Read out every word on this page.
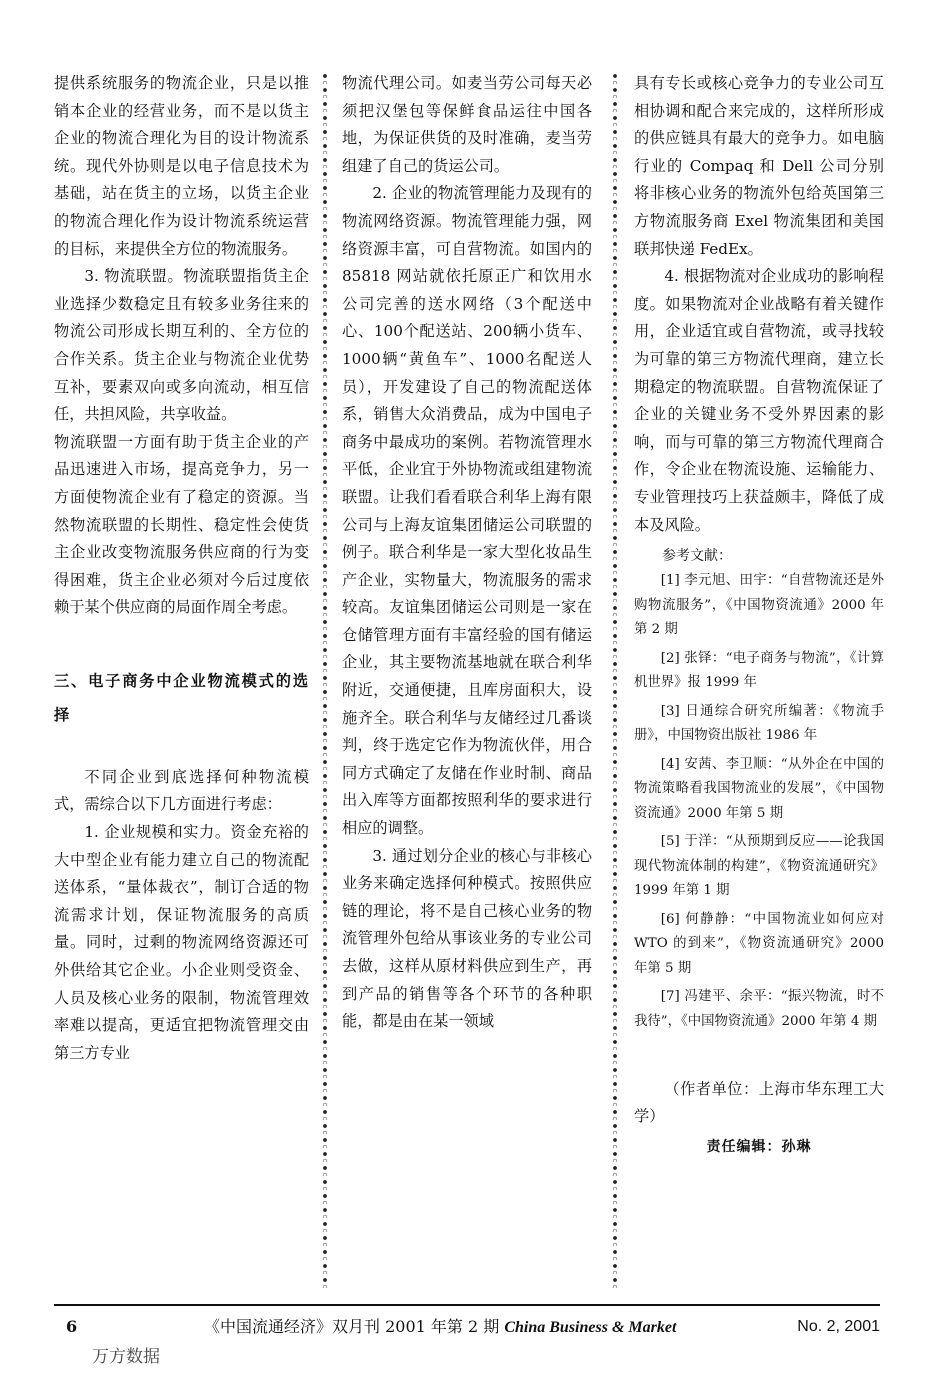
提供系统服务的物流企业，只是以推销本企业的经营业务，而不是以货主企业的物流合理化为目的设计物流系统。现代外协则是以电子信息技术为基础，站在货主的立场，以货主企业的物流合理化作为设计物流系统运营的目标，来提供全方位的物流服务。

3. 物流联盟。物流联盟指货主企业选择少数稳定且有较多业务往来的物流公司形成长期互利的、全方位的合作关系。货主企业与物流企业优势互补，要素双向或多向流动，相互信任，共担风险，共享收益。

物流联盟一方面有助于货主企业的产品迅速进入市场，提高竞争力，另一方面使物流企业有了稳定的资源。当然物流联盟的长期性、稳定性会使货主企业改变物流服务供应商的行为变得困难，货主企业必须对今后过度依赖于某个供应商的局面作周全考虑。

三、电子商务中企业物流模式的选择

不同企业到底选择何种物流模式，需综合以下几方面进行考虑：

1. 企业规模和实力。资金充裕的大中型企业有能力建立自己的物流配送体系，“量体裁衣”，制订合适的物流需求计划，保证物流服务的高质量。同时，过剩的物流网络资源还可外供给其它企业。小企业则受资金、人员及核心业务的限制，物流管理效率难以提高，更适宜把物流管理交由第三方专业

物流代理公司。如麦当劳公司每天必须把汉堡包等保鲜食品运往中国各地，为保证供货的及时准确，麦当劳组建了自己的货运公司。

2. 企业的物流管理能力及现有的物流网络资源。物流管理能力强，网络资源丰富，可自营物流。如国内的 85818 网站就依托原正广和饮用水公司完善的送水网络（3个配送中心、100个配送站、200辆小货车、1000辆“黄鱼车”、1000名配送人员），开发建设了自己的物流配送体系，销售大众消费品，成为中国电子商务中最成功的案例。若物流管理水平低，企业宜于外协物流或组建物流联盟。让我们看看联合利华上海有限公司与上海友谊集团储运公司联盟的例子。联合利华是一家大型化妆品生产企业，实物量大，物流服务的需求较高。友谊集团储运公司则是一家在仓储管理方面有丰富经验的国有储运企业，其主要物流基地就在联合利华附近，交通便捷，且库房面积大，设施齐全。联合利华与友储经过几番谈判，终于选定它作为物流伙伴，用合同方式确定了友储在作业时制、商品出入库等方面都按照利华的要求进行相应的调整。

3. 通过划分企业的核心与非核心业务来确定选择何种模式。按照供应链的理论，将不是自己核心业务的物流管理外包给从事该业务的专业公司去做，这样从原材料供应到生产，再到产品的销售等各个环节的各种职能，都是由在某一领域

具有专长或核心竞争力的专业公司互相协调和配合来完成的，这样所形成的供应链具有最大的竞争力。如电脑行业的 Compaq 和 Dell 公司分别将非核心业务的物流外包给英国第三方物流服务商 Exel 物流集团和美国联邦快递 FedEx。

4. 根据物流对企业成功的影响程度。如果物流对企业战略有着关键作用，企业适宜或自营物流，或寻找较为可靠的第三方物流代理商，建立长期稳定的物流联盟。自营物流保证了企业的关键业务不受外界因素的影响，而与可靠的第三方物流代理商合作，令企业在物流设施、运输能力、专业管理技巧上获益颇丰，降低了成本及风险。

参考文献：

[1] 李元旭、田宇：“自营物流还是外购物流服务”，《中国物资流通》2000 年第 2 期

[2] 张铎：“电子商务与物流”，《计算机世界》报 1999 年

[3] 日通综合研究所编著：《物流手册》，中国物资出版社 1986 年

[4] 安茜、李卫顺：“从外企在中国的物流策略看我国物流业的发展”，《中国物资流通》2000 年第 5 期

[5] 于洋：“从预期到反应——论我国现代物流体制的构建”，《物资流通研究》1999 年第 1 期

[6] 何静静：“中国物流业如何应对 WTO 的到来”，《物资流通研究》2000 年第 5 期

[7] 冯建平、余平：“振兴物流，时不我待”，《中国物资流通》2000 年第 4 期

（作者单位：上海市华东理工大学）

责任编辑：孙琳

6	《中国流通经济》双月刊 2001 年第 2 期 China Business & Market	No. 2, 2001
万方数据
